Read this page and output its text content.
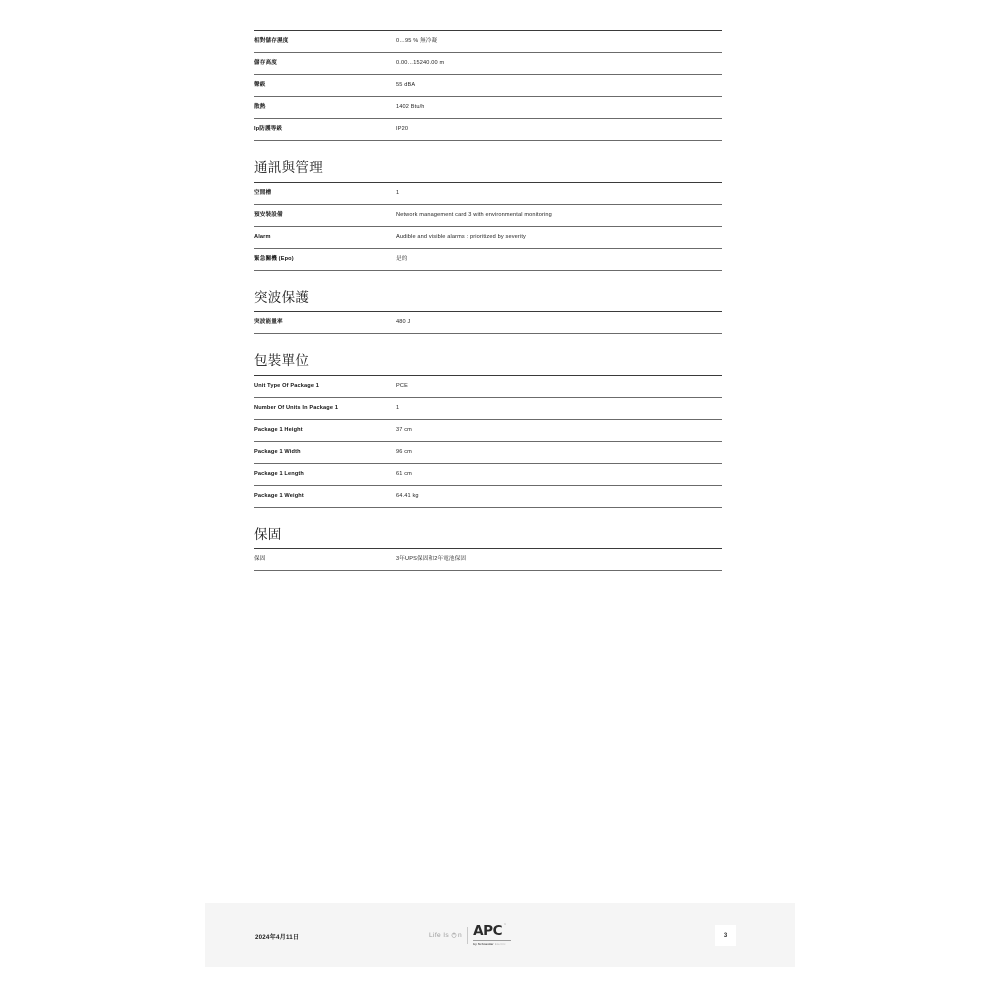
相對儲存濕度	0…95 % 無冷凝
儲存高度	0.00…15240.00 m
聲級	55 dBA
散熱	1402 Btu/h
Ip防護等級	IP20
通訊與管理
空閒槽	1
預安裝設備	Network management card 3 with environmental monitoring
Alarm	Audible and visible alarms : prioritized by severity
緊急關機 (Epo)	是的
突波保護
突波能量率	480 J
包裝單位
Unit Type Of Package 1	PCE
Number Of Units In Package 1	1
Package 1 Height	37 cm
Package 1 Width	96 cm
Package 1 Length	61 cm
Package 1 Weight	64.41 kg
保固
保固	3年UPS保固和2年電池保固
2024年4月11日	Life Is n APC ™
by Schneider Electric
3
